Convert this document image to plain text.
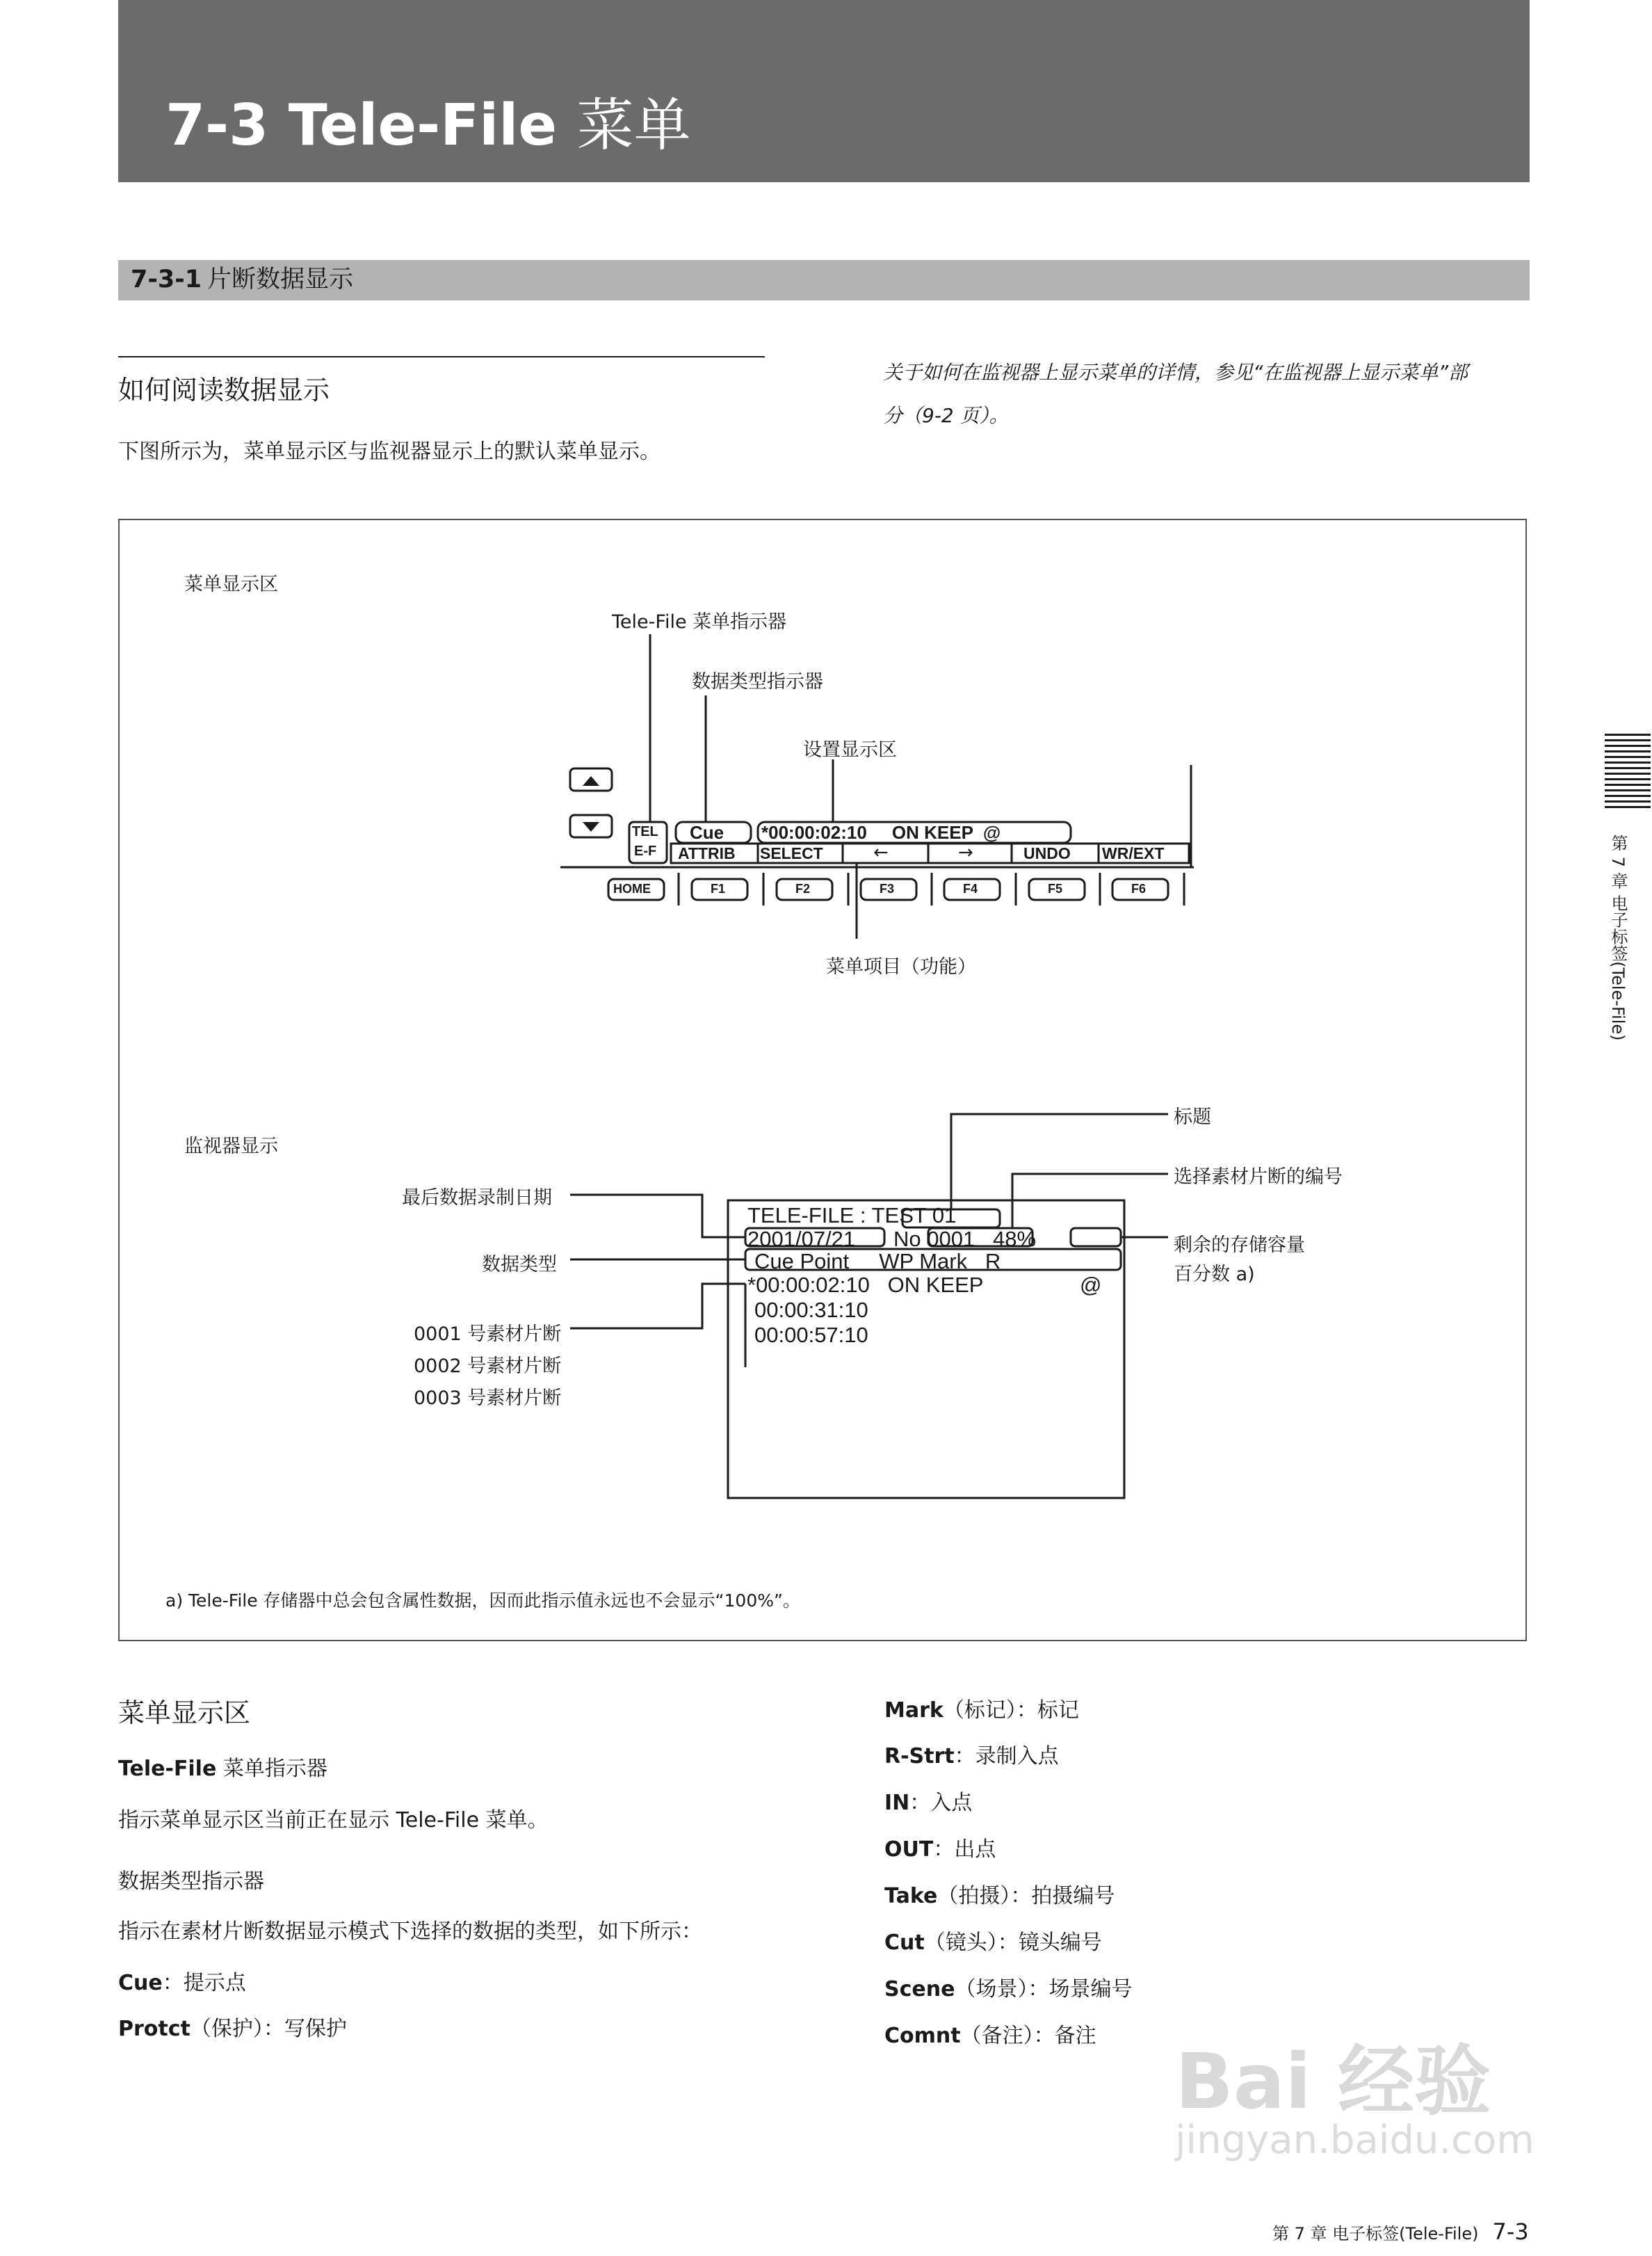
7-3 Tele-File 菜单
7-3-1 片断数据显示
如何阅读数据显示
下图所示为，菜单显示区与监视器显示上的默认菜单显示。
关于如何在监视器上显示菜单的详情，参见“在监视器上显示菜单”部
分（9-2 页）。
菜单显示区
Tele-File 菜单指示器
数据类型指示器
设置显示区
TEL
E-F
Cue *00:00:02:10     ON KEEP  @
ATTRIB SELECT	←	→	UNDO WR/EXT
HOME	F1	F2	F3	F4	F5	F6
菜单项目（功能）
监视器显示
标题
选择素材片断的编号
最后数据录制日期
剩余的存储容量
百分数 a)
数据类型
0001 号素材片断
0002 号素材片断
0003 号素材片断
TELE-FILE : TEST 01
2001/07/21 No 0001   48%
Cue Point     WP Mark   R
*00:00:02:10   ON KEEP	@
00:00:31:10
00:00:57:10
a) Tele-File 存储器中总会包含属性数据，因而此指示值永远也不会显示“100%”。
菜单显示区
Tele-File 菜单指示器
指示菜单显示区当前正在显示 Tele-File 菜单。
数据类型指示器
指示在素材片断数据显示模式下选择的数据的类型，如下所示：
Cue：提示点
Protct（保护）：写保护
Mark（标记）：标记
R-Strt：录制入点
IN：入点
OUT：出点
Take（拍摄）：拍摄编号
Cut（镜头）：镜头编号
Scene（场景）：场景编号
Comnt（备注）：备注
第 7 章 电子标签(Tele-File)
Bai 经验
jingyan.baidu.com
第 7 章 电子标签(Tele-File) 7-3
